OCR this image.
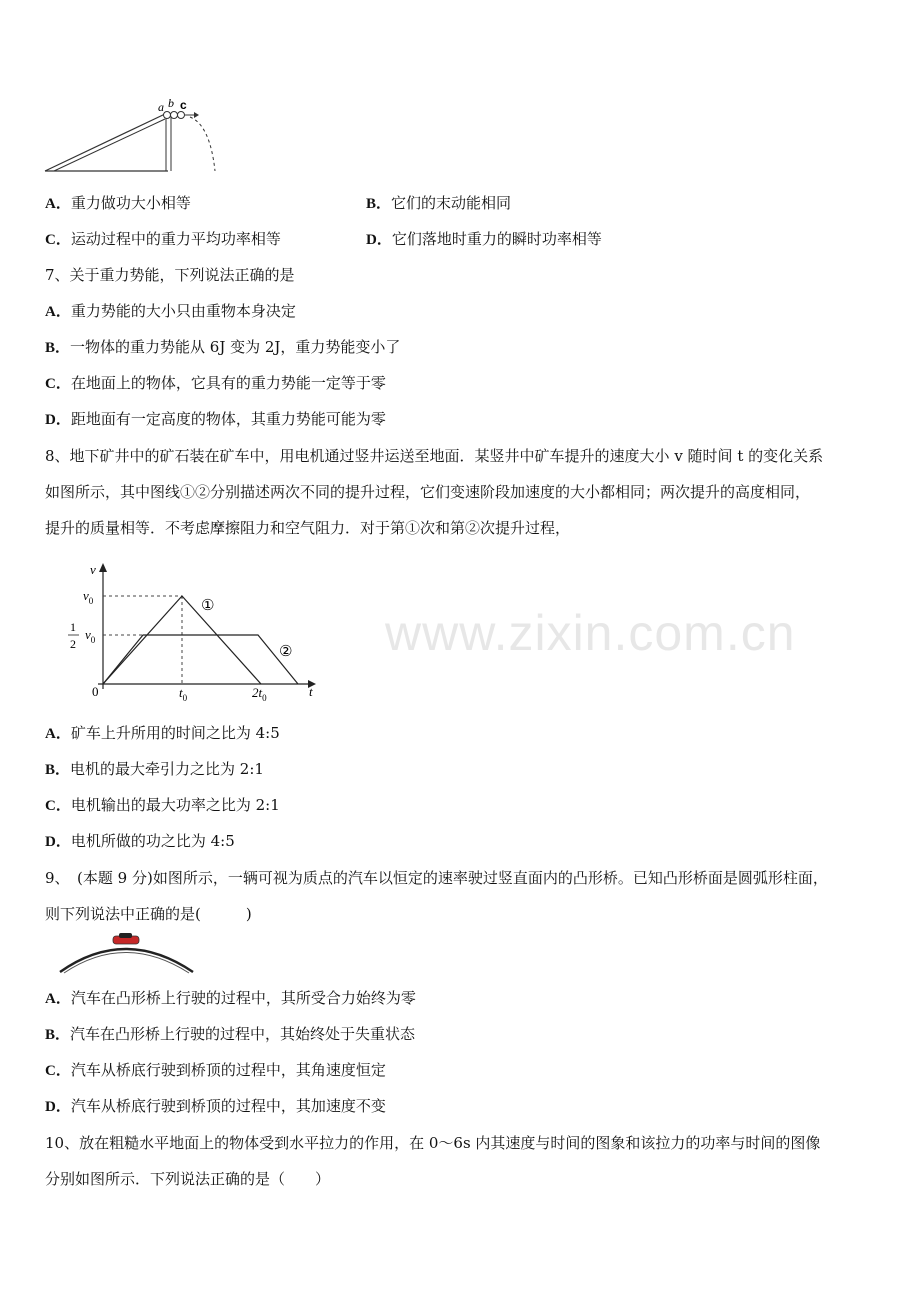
a b c
A．重力做功大小相等	B．它们的末动能相同
C．运动过程中的重力平均功率相等	D．它们落地时重力的瞬时功率相等
7、关于重力势能，下列说法正确的是
A．重力势能的大小只由重物本身决定
B．一物体的重力势能从 6J 变为 2J，重力势能变小了
C．在地面上的物体，它具有的重力势能一定等于零
D．距地面有一定高度的物体，其重力势能可能为零
8、地下矿井中的矿石装在矿车中，用电机通过竖井运送至地面．某竖井中矿车提升的速度大小 v 随时间 t 的变化关系
如图所示，其中图线①②分别描述两次不同的提升过程，它们变速阶段加速度的大小都相同；两次提升的高度相同，
提升的质量相等．不考虑摩擦阻力和空气阻力．对于第①次和第②次提升过程，
v
t
0
$v_0$
1
2
$v_0$
$t_0$	$2t_0$
①
② www.zixin.com.cn
A．矿车上升所用的时间之比为 4:5
B．电机的最大牵引力之比为 2:1
C．电机输出的最大功率之比为 2:1
D．电机所做的功之比为 4:5
9、　(本题 9 分)如图所示，一辆可视为质点的汽车以恒定的速率驶过竖直面内的凸形桥。已知凸形桥面是圆弧形柱面，
则下列说法中正确的是(　　　)
A．汽车在凸形桥上行驶的过程中，其所受合力始终为零
B．汽车在凸形桥上行驶的过程中，其始终处于失重状态
C．汽车从桥底行驶到桥顶的过程中，其角速度恒定
D．汽车从桥底行驶到桥顶的过程中，其加速度不变
10、放在粗糙水平地面上的物体受到水平拉力的作用，在 0～6s 内其速度与时间的图象和该拉力的功率与时间的图像
分别如图所示．下列说法正确的是（　　）
